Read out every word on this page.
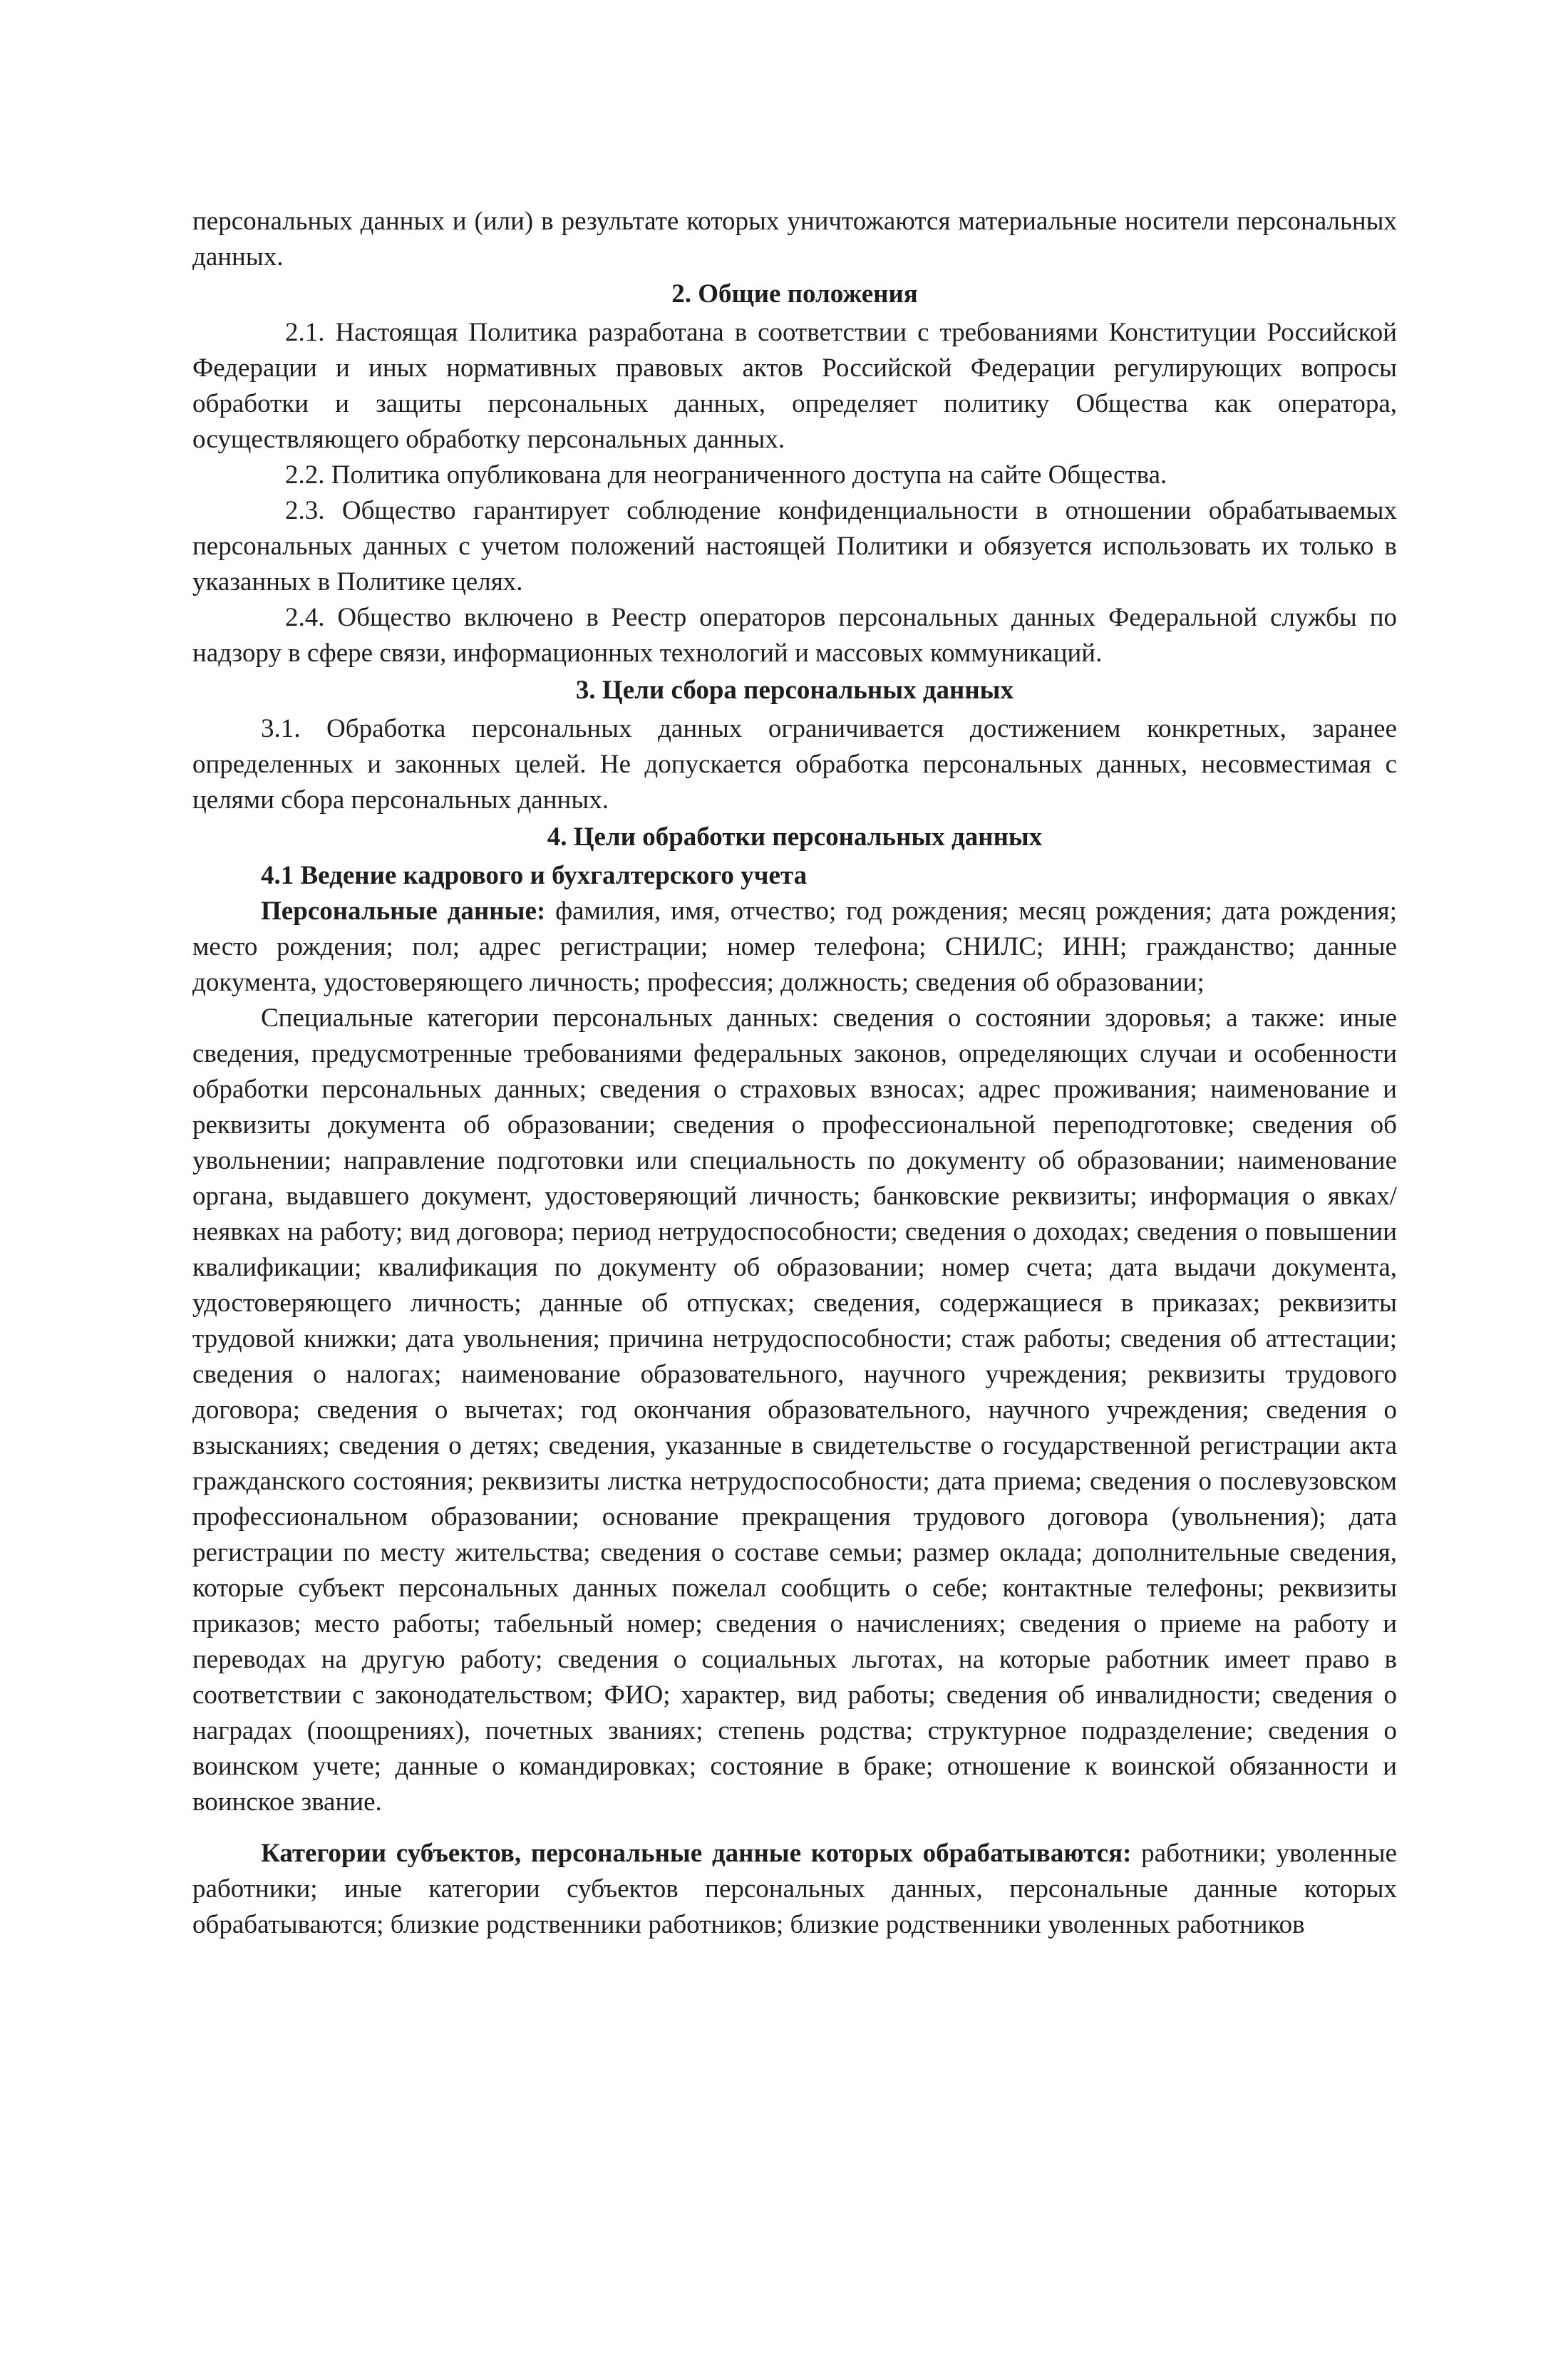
персональных данных и (или) в результате которых уничтожаются материальные носители персональных данных.

2. Общие положения

2.1. Настоящая Политика разработана в соответствии с требованиями Конституции Российской Федерации и иных нормативных правовых актов Российской Федерации регулирующих вопросы обработки и защиты персональных данных, определяет политику Общества как оператора, осуществляющего обработку персональных данных.

2.2. Политика опубликована для неограниченного доступа на сайте Общества.

2.3. Общество гарантирует соблюдение конфиденциальности в отношении обрабатываемых персональных данных с учетом положений настоящей Политики и обязуется использовать их только в указанных в Политике целях.

2.4. Общество включено в Реестр операторов персональных данных Федеральной службы по надзору в сфере связи, информационных технологий и массовых коммуникаций.

3. Цели сбора персональных данных

3.1. Обработка персональных данных ограничивается достижением конкретных, заранее определенных и законных целей. Не допускается обработка персональных данных, несовместимая с целями сбора персональных данных.

4. Цели обработки персональных данных
4.1 Ведение кадрового и бухгалтерского учета

Персональные данные: фамилия, имя, отчество; год рождения; месяц рождения; дата рождения; место рождения; пол; адрес регистрации; номер телефона; СНИЛС; ИНН; гражданство; данные документа, удостоверяющего личность; профессия; должность; сведения об образовании;

Специальные категории персональных данных: сведения о состоянии здоровья; а также: иные сведения, предусмотренные требованиями федеральных законов, определяющих случаи и особенности обработки персональных данных; сведения о страховых взносах; адрес проживания; наименование и реквизиты документа об образовании; сведения о профессиональной переподготовке; сведения об увольнении; направление подготовки или специальность по документу об образовании; наименование органа, выдавшего документ, удостоверяющий личность; банковские реквизиты; информация о явках/неявках на работу; вид договора; период нетрудоспособности; сведения о доходах; сведения о повышении квалификации; квалификация по документу об образовании; номер счета; дата выдачи документа, удостоверяющего личность; данные об отпусках; сведения, содержащиеся в приказах; реквизиты трудовой книжки; дата увольнения; причина нетрудоспособности; стаж работы; сведения об аттестации; сведения о налогах; наименование образовательного, научного учреждения; реквизиты трудового договора; сведения о вычетах; год окончания образовательного, научного учреждения; сведения о взысканиях; сведения о детях; сведения, указанные в свидетельстве о государственной регистрации акта гражданского состояния; реквизиты листка нетрудоспособности; дата приема; сведения о послевузовском профессиональном образовании; основание прекращения трудового договора (увольнения); дата регистрации по месту жительства; сведения о составе семьи; размер оклада; дополнительные сведения, которые субъект персональных данных пожелал сообщить о себе; контактные телефоны; реквизиты приказов; место работы; табельный номер; сведения о начислениях; сведения о приеме на работу и переводах на другую работу; сведения о социальных льготах, на которые работник имеет право в соответствии с законодательством; ФИО; характер, вид работы; сведения об инвалидности; сведения о наградах (поощрениях), почетных званиях; степень родства; структурное подразделение; сведения о воинском учете; данные о командировках; состояние в браке; отношение к воинской обязанности и воинское звание.

Категории субъектов, персональные данные которых обрабатываются: работники; уволенные работники; иные категории субъектов персональных данных, персональные данные которых обрабатываются; близкие родственники работников; близкие родственники уволенных работников
